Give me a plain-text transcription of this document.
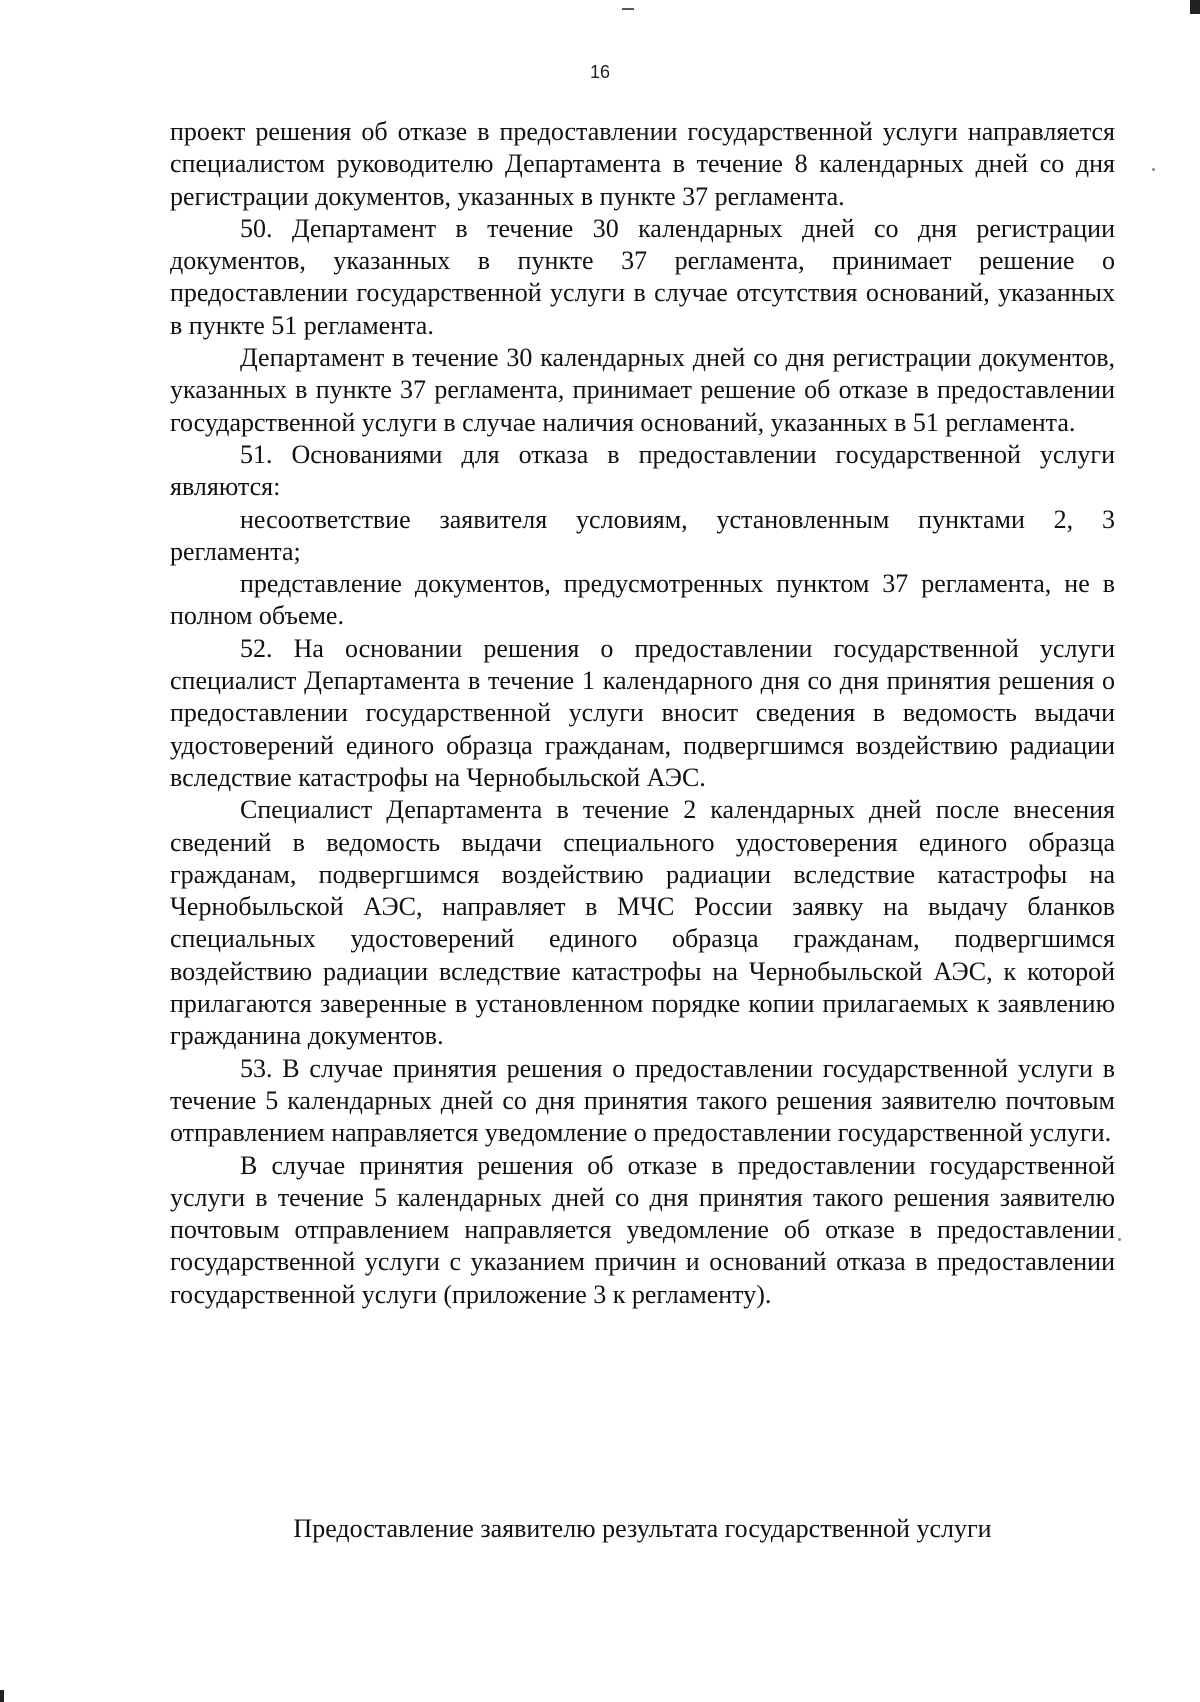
16

проект решения об отказе в предоставлении государственной услуги направляется специалистом руководителю Департамента в течение 8 календарных дней со дня регистрации документов, указанных в пункте 37 регламента.

50. Департамент в течение 30 календарных дней со дня регистрации документов, указанных в пункте 37 регламента, принимает решение о предоставлении государственной услуги в случае отсутствия оснований, указанных в пункте 51 регламента.

Департамент в течение 30 календарных дней со дня регистрации документов, указанных в пункте 37 регламента, принимает решение об отказе в предоставлении государственной услуги в случае наличия оснований, указанных в 51 регламента.

51. Основаниями для отказа в предоставлении государственной услуги являются:

несоответствие заявителя условиям, установленным пунктами 2, 3 регламента;

представление документов, предусмотренных пунктом 37 регламента, не в полном объеме.

52. На основании решения о предоставлении государственной услуги специалист Департамента в течение 1 календарного дня со дня принятия решения о предоставлении государственной услуги вносит сведения в ведомость выдачи удостоверений единого образца гражданам, подвергшимся воздействию радиации вследствие катастрофы на Чернобыльской АЭС.

Специалист Департамента в течение 2 календарных дней после внесения сведений в ведомость выдачи специального удостоверения единого образца гражданам, подвергшимся воздействию радиации вследствие катастрофы на Чернобыльской АЭС, направляет в МЧС России заявку на выдачу бланков специальных удостоверений единого образца гражданам, подвергшимся воздействию радиации вследствие катастрофы на Чернобыльской АЭС, к которой прилагаются заверенные в установленном порядке копии прилагаемых к заявлению гражданина документов.

53. В случае принятия решения о предоставлении государственной услуги в течение 5 календарных дней со дня принятия такого решения заявителю почтовым отправлением направляется уведомление о предоставлении государственной услуги.

В случае принятия решения об отказе в предоставлении государственной услуги в течение 5 календарных дней со дня принятия такого решения заявителю почтовым отправлением направляется уведомление об отказе в предоставлении государственной услуги с указанием причин и оснований отказа в предоставлении государственной услуги (приложение 3 к регламенту).

Предоставление заявителю результата государственной услуги
